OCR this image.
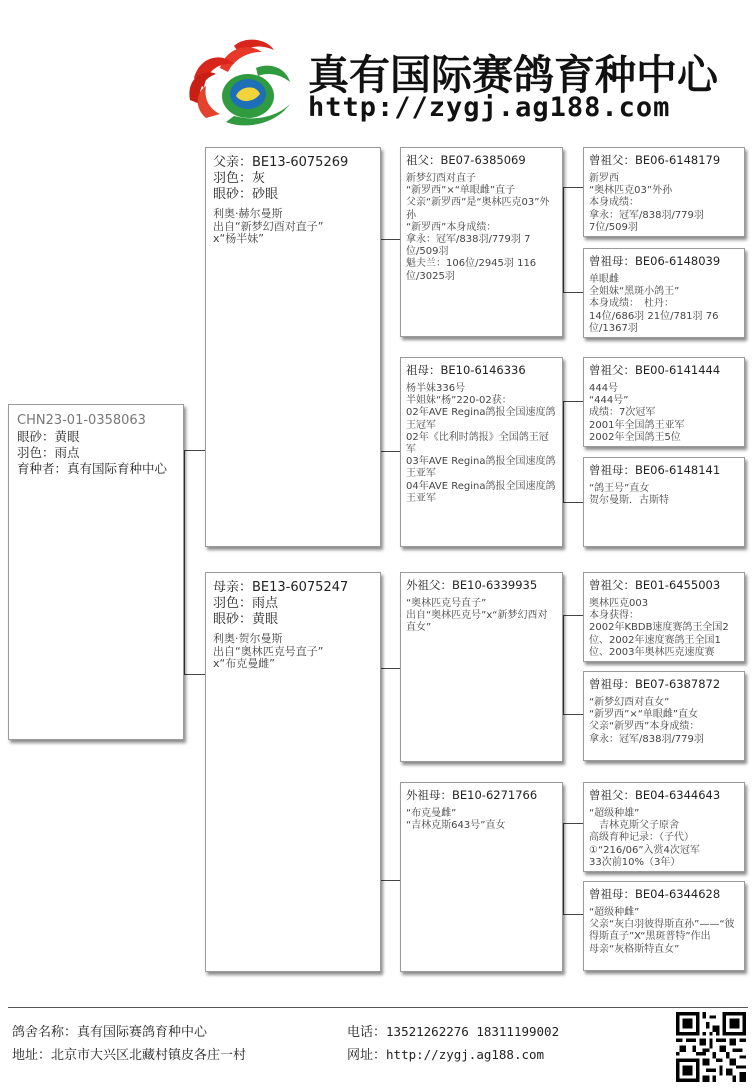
真有国际赛鸽育种中心
http://zygj.ag188.com
CHN23-01-0358063
眼砂：黄眼
羽色：雨点
育种者：真有国际育种中心
父亲：BE13-6075269
羽色：灰
眼砂：砂眼
利奥·赫尔曼斯
出自“新梦幻酉对直子”
x“杨半妹”
母亲：BE13-6075247
羽色：雨点
眼砂：黄眼
利奥·贺尔曼斯
出自“奥林匹克号直子”
x“布克曼雌”
祖父：BE07-6385069
新梦幻酉对直子
“新罗西”×“单眼雌”直子
父亲“新罗西”是“奥林匹克03”外孙
“新罗西”本身成绩：
拿永：冠军/838羽/779羽 7位/509羽
魁夫兰：106位/2945羽 116位/3025羽
祖母：BE10-6146336
杨半妹336号
半姐妹“杨”220-02获：
02年AVE Regina鸽报全国速度鸽王冠军
02年《比利时鸽报》全国鸽王冠军
03年AVE Regina鸽报全国速度鸽王亚军
04年AVE Regina鸽报全国速度鸽王亚军
外祖父：BE10-6339935
“奥林匹克号直子”
出自“奥林匹克号”x“新梦幻酉对直女”
外祖母：BE10-6271766
“布克曼雌”
“吉林克斯643号”直女
曾祖父：BE06-6148179
新罗西
“奥林匹克03”外孙
本身成绩：
拿永：冠军/838羽/779羽
7位/509羽
曾祖母：BE06-6148039
单眼雌
全姐妹“黑斑小鸽王”
本身成绩：　杜丹：
14位/686羽 21位/781羽 76位/1367羽
曾祖父：BE00-6141444
444号
“444号”
成绩：7次冠军
2001年全国鸽王亚军
2002年全国鸽王5位
曾祖母：BE06-6148141
“鸽王号”直女
贺尔曼斯．古斯特
曾祖父：BE01-6455003
奥林匹克003
本身获得：
2002年KBDB速度赛鸽王全国2位、2002年速度赛鸽王全国1位、2003年奥林匹克速度赛
曾祖母：BE07-6387872
“新梦幻酉对直女”
“新罗西”×“单眼雌”直女
父亲“新罗西”本身成绩：
拿永：冠军/838羽/779羽
曾祖父：BE04-6344643
“超级种雄”
　吉林克斯父子原舍
高级育种记录：（子代）
①“216/06”入赏4次冠军
33次前10%（3年）
曾祖母：BE04-6344628
“超级种雌”
父亲“灰白羽彼得斯直孙”——“彼得斯直子”X“黑斑普特”作出
母亲“灰格斯特直女”
鸽舍名称：真有国际赛鸽育种中心
地址：北京市大兴区北藏村镇皮各庄一村
电话：13521262276 18311199002
网址：http://zygj.ag188.com
